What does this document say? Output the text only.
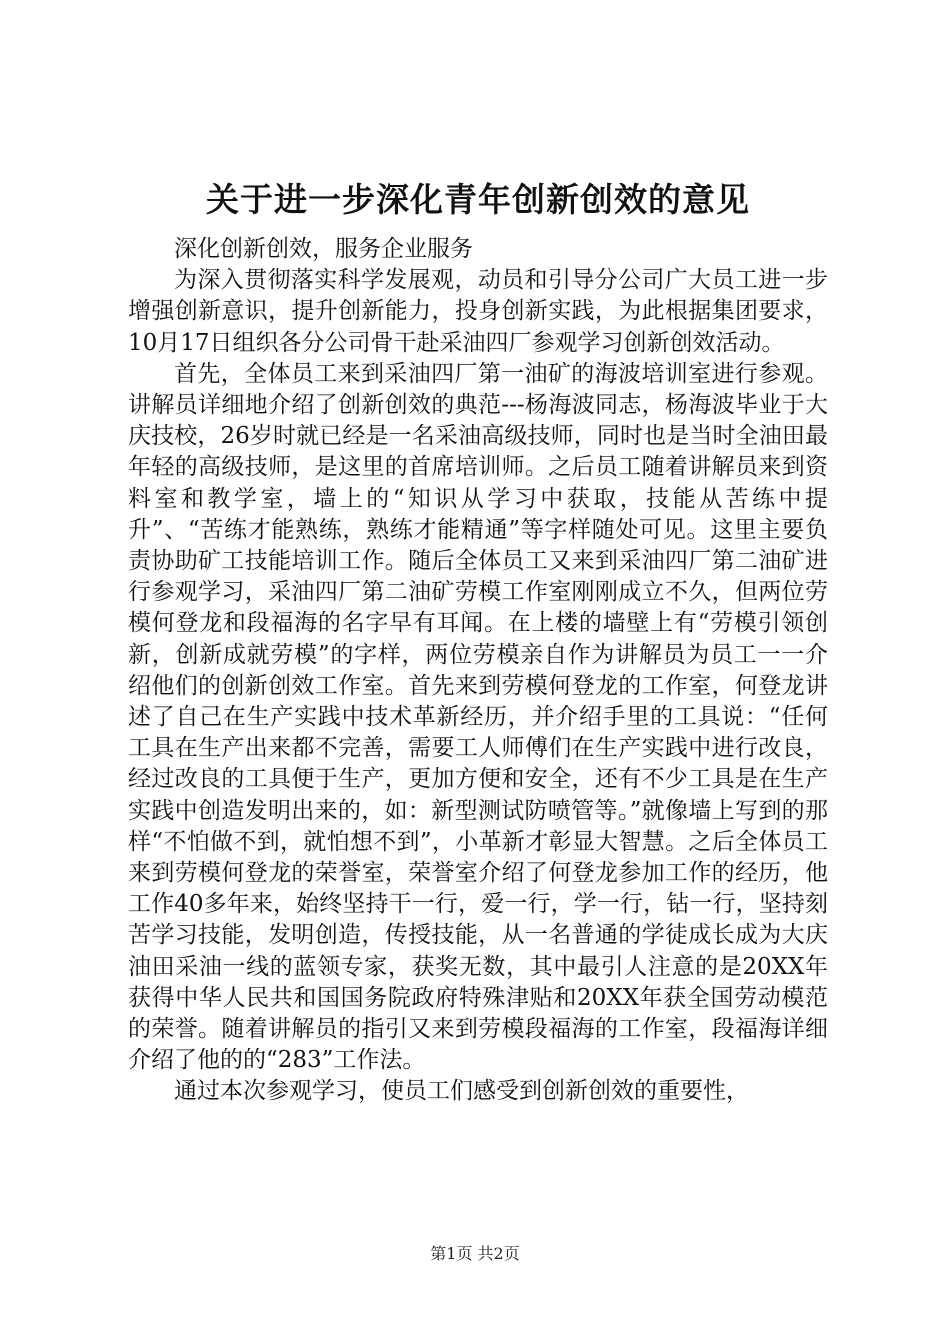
关于进一步深化青年创新创效的意见
深化创新创效，服务企业服务

为深入贯彻落实科学发展观，动员和引导分公司广大员工进一步增强创新意识，提升创新能力，投身创新实践，为此根据集团要求，10月17日组织各分公司骨干赴采油四厂参观学习创新创效活动。

首先，全体员工来到采油四厂第一油矿的海波培训室进行参观。讲解员详细地介绍了创新创效的典范---杨海波同志，杨海波毕业于大庆技校，26岁时就已经是一名采油高级技师，同时也是当时全油田最年轻的高级技师，是这里的首席培训师。之后员工随着讲解员来到资料室和教学室，墙上的“知识从学习中获取，技能从苦练中提升”、“苦练才能熟练，熟练才能精通”等字样随处可见。这里主要负责协助矿工技能培训工作。随后全体员工又来到采油四厂第二油矿进行参观学习，采油四厂第二油矿劳模工作室刚刚成立不久，但两位劳模何登龙和段福海的名字早有耳闻。在上楼的墙壁上有“劳模引领创新，创新成就劳模”的字样，两位劳模亲自作为讲解员为员工一一介绍他们的创新创效工作室。首先来到劳模何登龙的工作室，何登龙讲述了自己在生产实践中技术革新经历，并介绍手里的工具说：“任何工具在生产出来都不完善，需要工人师傅们在生产实践中进行改良，经过改良的工具便于生产，更加方便和安全，还有不少工具是在生产实践中创造发明出来的，如：新型测试防喷管等。”就像墙上写到的那样“不怕做不到，就怕想不到”，小革新才彰显大智慧。之后全体员工来到劳模何登龙的荣誉室，荣誉室介绍了何登龙参加工作的经历，他工作40多年来，始终坚持干一行，爱一行，学一行，钻一行，坚持刻苦学习技能，发明创造，传授技能，从一名普通的学徒成长成为大庆油田采油一线的蓝领专家，获奖无数，其中最引人注意的是20XX年获得中华人民共和国国务院政府特殊津贴和20XX年获全国劳动模范的荣誉。随着讲解员的指引又来到劳模段福海的工作室，段福海详细介绍了他的的“283”工作法。

通过本次参观学习，使员工们感受到创新创效的重要性，

第1页 共2页
